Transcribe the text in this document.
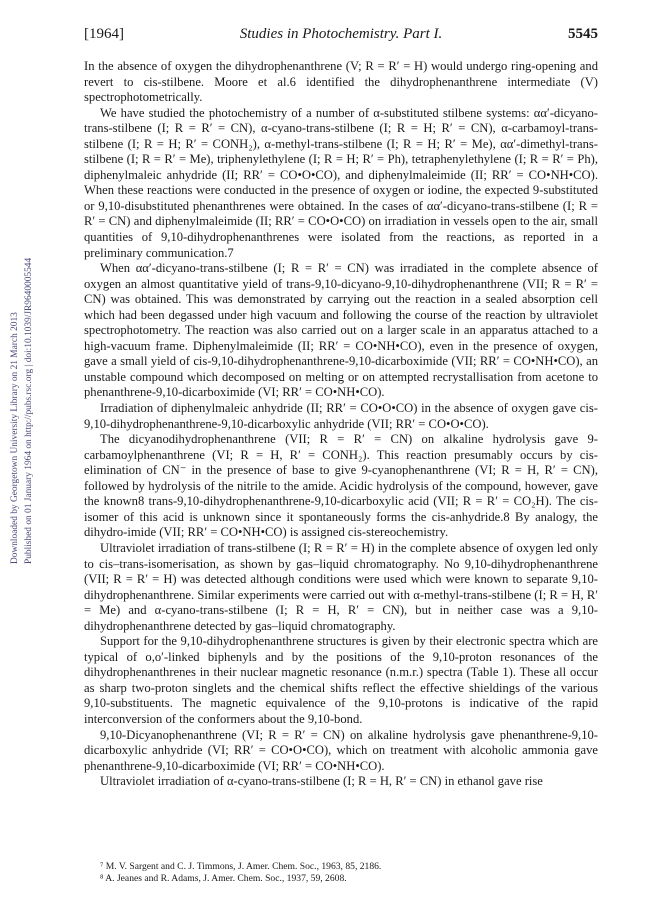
Downloaded by Georgetown University Library on 21 March 2013 Published on 01 January 1964 on http://pubs.rsc.org | doi:10.1039/JR9640005544
[1964]	Studies in Photochemistry. Part I.	5545

In the absence of oxygen the dihydrophenanthrene (V; R = R′ = H) would undergo ring-opening and revert to cis-stilbene. Moore et al.6 identified the dihydrophenanthrene intermediate (V) spectrophotometrically.

We have studied the photochemistry of a number of α-substituted stilbene systems: αα′-dicyano-trans-stilbene (I; R = R′ = CN), α-cyano-trans-stilbene (I; R = H; R′ = CN), α-carbamoyl-trans-stilbene (I; R = H; R′ = CONH₂), α-methyl-trans-stilbene (I; R = H; R′ = Me), αα′-dimethyl-trans-stilbene (I; R = R′ = Me), triphenylethylene (I; R = H; R′ = Ph), tetraphenylethylene (I; R = R′ = Ph), diphenylmaleic anhydride (II; RR′ = CO•O•CO), and diphenylmaleimide (II; RR′ = CO•NH•CO). When these reactions were conducted in the presence of oxygen or iodine, the expected 9-substituted or 9,10-disubstituted phenanthrenes were obtained. In the cases of αα′-dicyano-trans-stilbene (I; R = R′ = CN) and diphenylmaleimide (II; RR′ = CO•O•CO) on irradiation in vessels open to the air, small quantities of 9,10-dihydrophenanthrenes were isolated from the reactions, as reported in a preliminary communication.7

When αα′-dicyano-trans-stilbene (I; R = R′ = CN) was irradiated in the complete absence of oxygen an almost quantitative yield of trans-9,10-dicyano-9,10-dihydrophenanthrene (VII; R = R′ = CN) was obtained. This was demonstrated by carrying out the reaction in a sealed absorption cell which had been degassed under high vacuum and following the course of the reaction by ultraviolet spectrophotometry. The reaction was also carried out on a larger scale in an apparatus attached to a high-vacuum frame. Diphenylmaleimide (II; RR′ = CO•NH•CO), even in the presence of oxygen, gave a small yield of cis-9,10-dihydrophenanthrene-9,10-dicarboximide (VII; RR′ = CO•NH•CO), an unstable compound which decomposed on melting or on attempted recrystallisation from acetone to phenanthrene-9,10-dicarboximide (VI; RR′ = CO•NH•CO).

Irradiation of diphenylmaleic anhydride (II; RR′ = CO•O•CO) in the absence of oxygen gave cis-9,10-dihydrophenanthrene-9,10-dicarboxylic anhydride (VII; RR′ = CO•O•CO).

The dicyanodihydrophenanthrene (VII; R = R′ = CN) on alkaline hydrolysis gave 9-carbamoylphenanthrene (VI; R = H, R′ = CONH₂). This reaction presumably occurs by cis-elimination of CN⁻ in the presence of base to give 9-cyanophenanthrene (VI; R = H, R′ = CN), followed by hydrolysis of the nitrile to the amide. Acidic hydrolysis of the compound, however, gave the known8 trans-9,10-dihydrophenanthrene-9,10-dicarboxylic acid (VII; R = R′ = CO₂H). The cis-isomer of this acid is unknown since it spontaneously forms the cis-anhydride.8 By analogy, the dihydro-imide (VII; RR′ = CO•NH•CO) is assigned cis-stereochemistry.

Ultraviolet irradiation of trans-stilbene (I; R = R′ = H) in the complete absence of oxygen led only to cis–trans-isomerisation, as shown by gas–liquid chromatography. No 9,10-dihydrophenanthrene (VII; R = R′ = H) was detected although conditions were used which were known to separate 9,10-dihydrophenanthrene. Similar experiments were carried out with α-methyl-trans-stilbene (I; R = H, R′ = Me) and α-cyano-trans-stilbene (I; R = H, R′ = CN), but in neither case was a 9,10-dihydrophenanthrene detected by gas–liquid chromatography.

Support for the 9,10-dihydrophenanthrene structures is given by their electronic spectra which are typical of o,o′-linked biphenyls and by the positions of the 9,10-proton resonances of the dihydrophenanthrenes in their nuclear magnetic resonance (n.m.r.) spectra (Table 1). These all occur as sharp two-proton singlets and the chemical shifts reflect the effective shieldings of the various 9,10-substituents. The magnetic equivalence of the 9,10-protons is indicative of the rapid interconversion of the conformers about the 9,10-bond.

9,10-Dicyanophenanthrene (VI; R = R′ = CN) on alkaline hydrolysis gave phenanthrene-9,10-dicarboxylic anhydride (VI; RR′ = CO•O•CO), which on treatment with alcoholic ammonia gave phenanthrene-9,10-dicarboximide (VI; RR′ = CO•NH•CO).

Ultraviolet irradiation of α-cyano-trans-stilbene (I; R = H, R′ = CN) in ethanol gave rise

⁷ M. V. Sargent and C. J. Timmons, J. Amer. Chem. Soc., 1963, 85, 2186.

⁸ A. Jeanes and R. Adams, J. Amer. Chem. Soc., 1937, 59, 2608.
